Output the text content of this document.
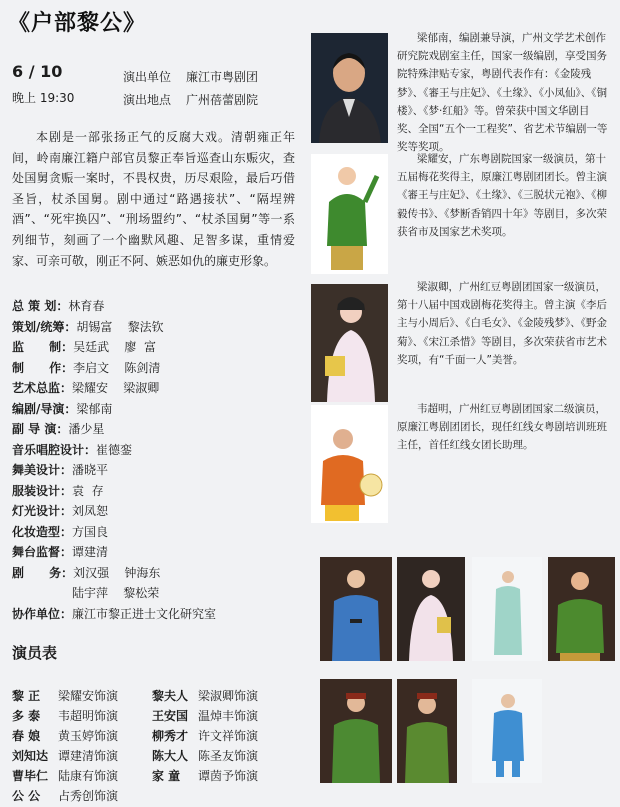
《户部黎公》
6 / 10
晚上 19:30
演出单位 廉江市粤剧团
演出地点 广州蓓蕾剧院
本剧是一部张扬正气的反腐大戏。清朝雍正年间，岭南廉江籍户部官员黎正奉旨巡查山东赈灾，查处国舅贪赈一案时，不畏权贵，历尽艰险，最后巧借圣旨，杖杀国舅。剧中通过“路遇接状”、“隔埕辨酒”、“死牢换囚”、“刑场盟约”、“杖杀国舅”等一系列细节，刻画了一个幽默风趣、足智多谋，重情爱家、可亲可敬，刚正不阿、嫉恶如仇的廉吏形象。
总 策 划：林育春
策划/统筹：胡锡富    黎法钦
监      制：吴廷武    廖  富
制      作：李启文    陈剑清
艺术总监：梁耀安    梁淑卿
编剧/导演：梁郁南
副 导 演：潘少星
音乐唱腔设计：崔德銮
舞美设计：潘晓平
服装设计：袁  存
灯光设计：刘凤恕
化妆造型：方国良
舞台监督：谭建清
剧      务：刘汉强    钟海东
陆宇萍    黎松荣
协作单位：廉江市黎正进士文化研究室
演员表
黎 正 梁耀安饰演	黎夫人 梁淑卿饰演
多 泰 韦超明饰演	王安国 温焯丰饰演
春 娘 黄玉婷饰演	柳秀才 许文祥饰演
刘知达 谭建清饰演	陈大人 陈圣友饰演
曹毕仁 陆康有饰演	家 童 谭茵予饰演
公 公 占秀创饰演
梁郁南，编剧兼导演，广州文学艺术创作研究院戏剧室主任，国家一级编剧，享受国务院特殊津贴专家，粤剧代表作有：《金陵残梦》、《審王与庄妃》、《土缘》、《小凤仙》、《铜楼》、《梦·红船》等。曾荣获中国文华剧目奖、全国“五个一工程奖”、省艺术节编剧一等奖等奖项。
梁耀安，广东粤剧院国家一级演员，第十五届梅花奖得主，原廉江粤剧团团长。曾主演《審王与庄妃》、《土缘》、《三脱状元袍》、《柳毅传书》、《梦断香销四十年》等剧目，多次荣获省市及国家艺术奖项。
梁淑卿，广州红豆粤剧团国家一级演员，第十八届中国戏剧梅花奖得主。曾主演《李后主与小周后》、《白毛女》、《金陵残梦》、《野金菊》、《宋江杀惜》等剧目，多次荣获省市艺术奖项，有“千面一人”美誉。
韦超明，广州红豆粤剧团国家二级演员，原廉江粤剧团团长，现任红线女粤剧培训班班主任，首任红线女团长助理。
